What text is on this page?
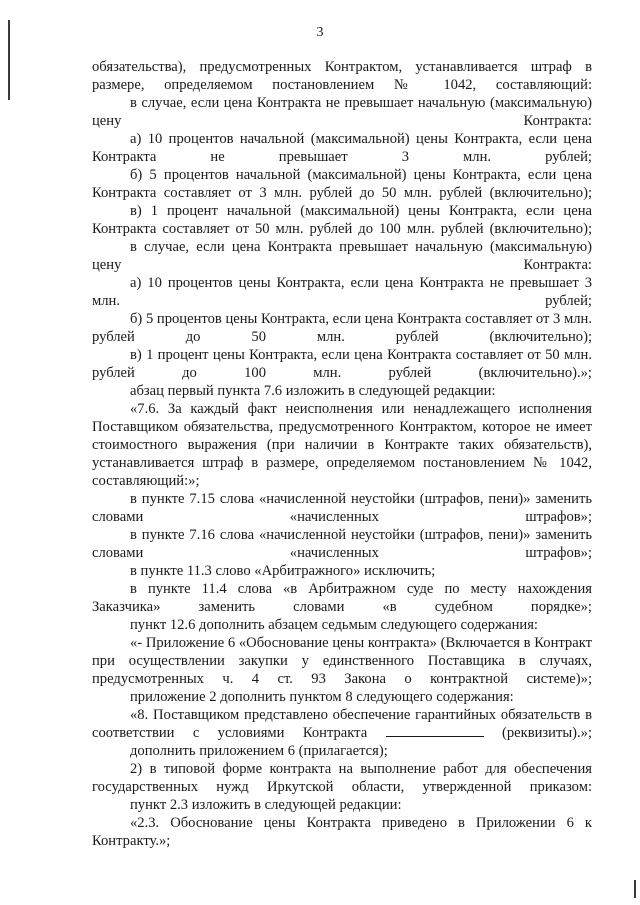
3

обязательства), предусмотренных Контрактом, устанавливается штраф в размере, определяемом постановлением № 1042, составляющий:

в случае, если цена Контракта не превышает начальную (максимальную) цену Контракта:

а) 10 процентов начальной (максимальной) цены Контракта, если цена Контракта не превышает 3 млн. рублей;

б) 5 процентов начальной (максимальной) цены Контракта, если цена Контракта составляет от 3 млн. рублей до 50 млн. рублей (включительно);

в) 1 процент начальной (максимальной) цены Контракта, если цена Контракта составляет от 50 млн. рублей до 100 млн. рублей (включительно);

в случае, если цена Контракта превышает начальную (максимальную) цену Контракта:

а) 10 процентов цены Контракта, если цена Контракта не превышает 3 млн. рублей;

б) 5 процентов цены Контракта, если цена Контракта составляет от 3 млн. рублей до 50 млн. рублей (включительно);

в) 1 процент цены Контракта, если цена Контракта составляет от 50 млн. рублей до 100 млн. рублей (включительно).»;

абзац первый пункта 7.6 изложить в следующей редакции:

«7.6. За каждый факт неисполнения или ненадлежащего исполнения Поставщиком обязательства, предусмотренного Контрактом, которое не имеет стоимостного выражения (при наличии в Контракте таких обязательств), устанавливается штраф в размере, определяемом постановлением № 1042, составляющий:»;

в пункте 7.15 слова «начисленной неустойки (штрафов, пени)» заменить словами «начисленных штрафов»;

в пункте 7.16 слова «начисленной неустойки (штрафов, пени)» заменить словами «начисленных штрафов»;

в пункте 11.3 слово «Арбитражного» исключить;

в пункте 11.4 слова «в Арбитражном суде по месту нахождения Заказчика» заменить словами «в судебном порядке»;

пункт 12.6 дополнить абзацем седьмым следующего содержания:

«- Приложение 6 «Обоснование цены контракта» (Включается в Контракт при осуществлении закупки у единственного Поставщика в случаях, предусмотренных ч. 4 ст. 93 Закона о контрактной системе)»;

приложение 2 дополнить пунктом 8 следующего содержания:

«8. Поставщиком представлено обеспечение гарантийных обязательств в соответствии с условиями Контракта	(реквизиты).»;

дополнить приложением 6 (прилагается);

2) в типовой форме контракта на выполнение работ для обеспечения государственных нужд Иркутской области, утвержденной приказом:

пункт 2.3 изложить в следующей редакции:

«2.3. Обоснование цены Контракта приведено в Приложении 6 к Контракту.»;
